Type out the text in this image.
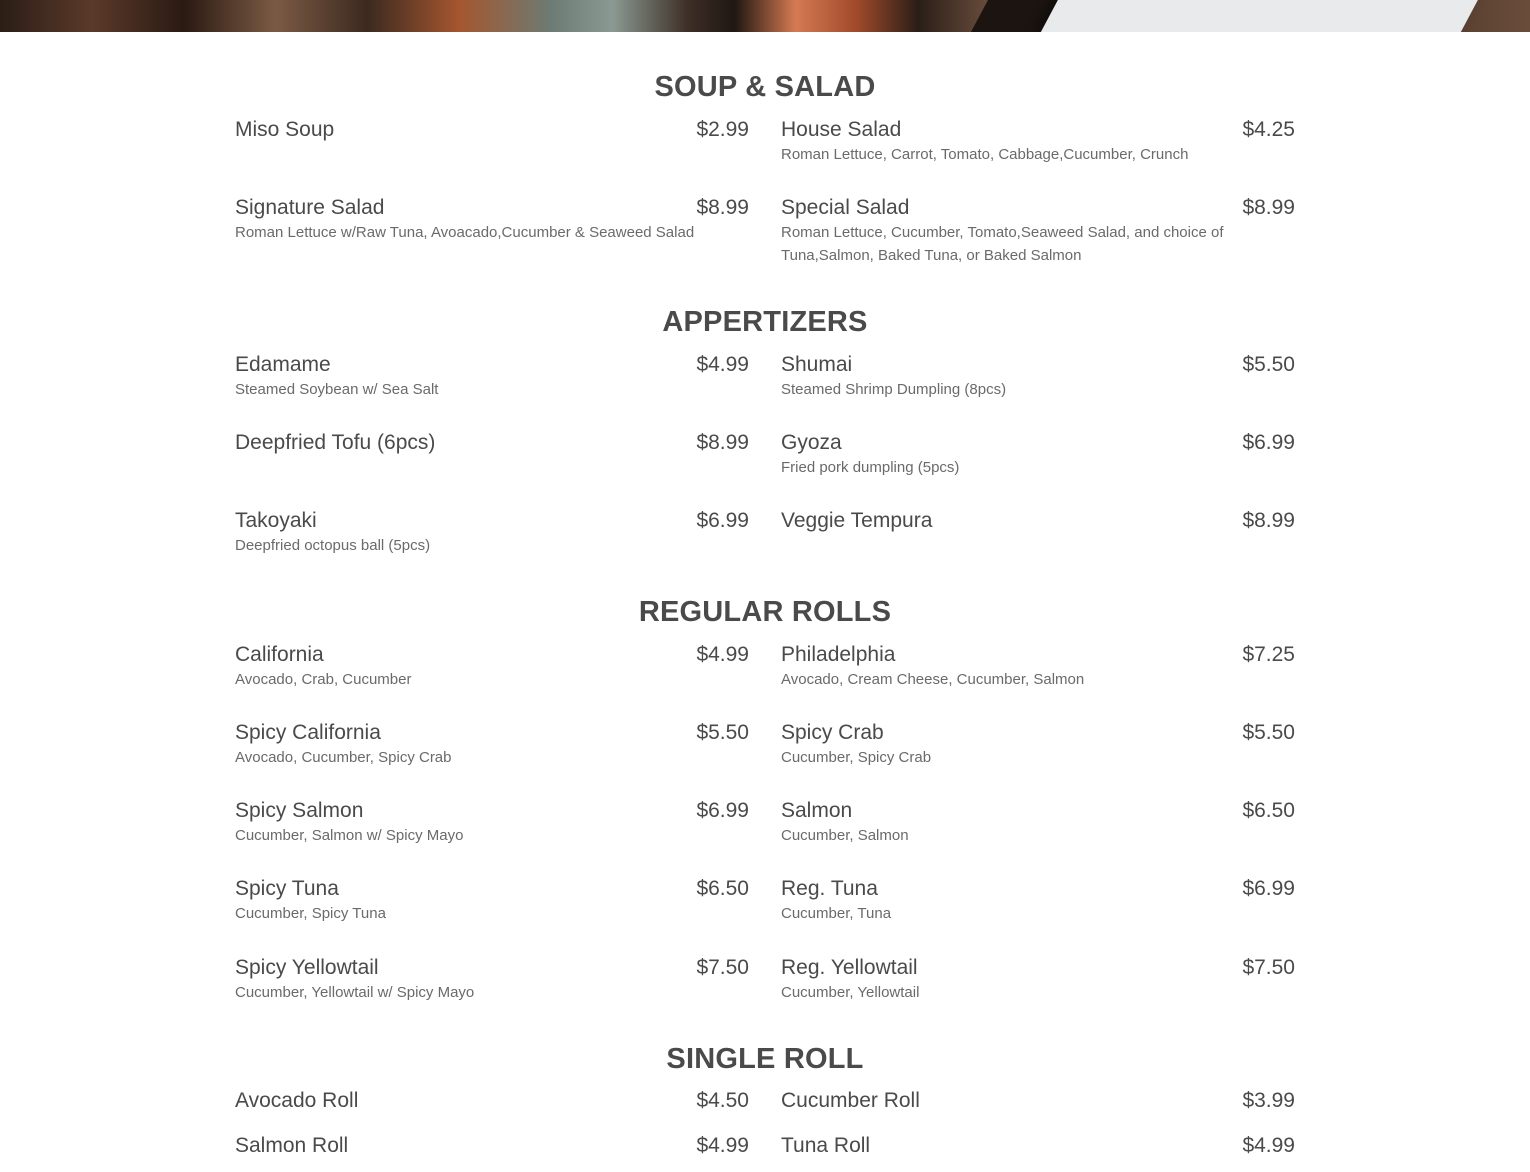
SOUP & SALAD
Miso Soup	$2.99 House Salad	$4.25
Roman Lettuce, Carrot, Tomato, Cabbage,Cucumber, Crunch
Signature Salad	$8.99
Roman Lettuce w/Raw Tuna, Avoacado,Cucumber & Seaweed Salad
Special Salad	$8.99
Roman Lettuce, Cucumber, Tomato,Seaweed Salad, and choice of Tuna,Salmon, Baked Tuna, or Baked Salmon
APPERTIZERS
Edamame	$4.99
Steamed Soybean w/ Sea Salt
Shumai	$5.50
Steamed Shrimp Dumpling (8pcs)
Deepfried Tofu (6pcs)	$8.99 Gyoza	$6.99
Fried pork dumpling (5pcs)
Takoyaki	$6.99
Deepfried octopus ball (5pcs)
Veggie Tempura	$8.99
REGULAR ROLLS
California	$4.99
Avocado, Crab, Cucumber
Philadelphia	$7.25
Avocado, Cream Cheese, Cucumber, Salmon
Spicy California	$5.50
Avocado, Cucumber, Spicy Crab
Spicy Crab	$5.50
Cucumber, Spicy Crab
Spicy Salmon	$6.99
Cucumber, Salmon w/ Spicy Mayo
Salmon	$6.50
Cucumber, Salmon
Spicy Tuna	$6.50
Cucumber, Spicy Tuna
Reg. Tuna	$6.99
Cucumber, Tuna
Spicy Yellowtail	$7.50
Cucumber, Yellowtail w/ Spicy Mayo
Reg. Yellowtail	$7.50
Cucumber, Yellowtail
SINGLE ROLL
Avocado Roll	$4.50 Cucumber Roll	$3.99
Salmon Roll	$4.99 Tuna Roll	$4.99
